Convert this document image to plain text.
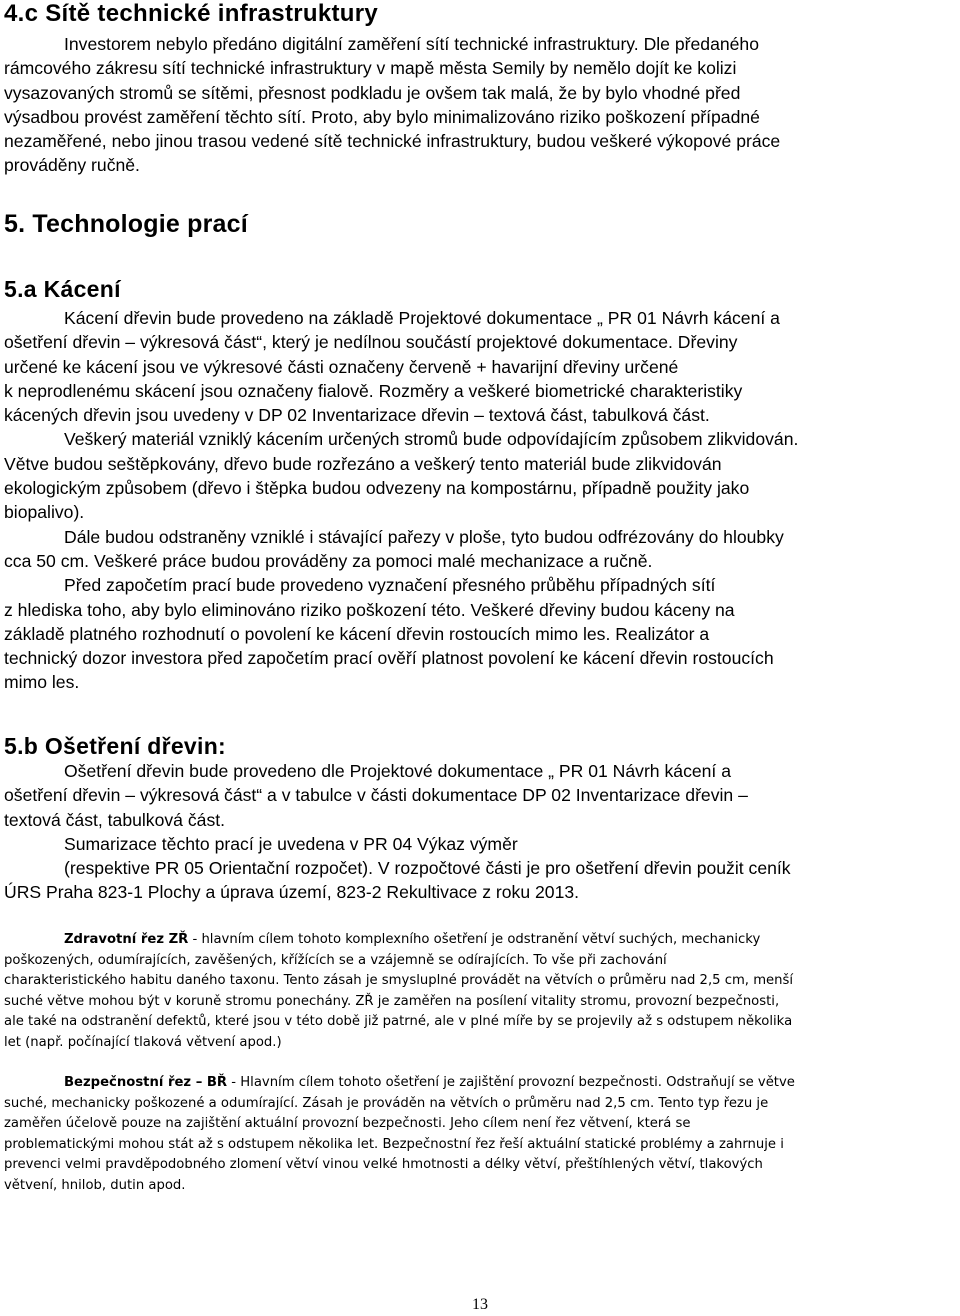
4.c Sítě technické infrastruktury
Investorem nebylo předáno digitální zaměření sítí technické infrastruktury. Dle předaného
rámcového zákresu sítí technické infrastruktury v mapě města Semily by nemělo dojít ke kolizi
vysazovaných stromů se sítěmi, přesnost podkladu je ovšem tak malá, že by bylo vhodné před
výsadbou provést zaměření těchto sítí. Proto, aby bylo minimalizováno riziko poškození případné
nezaměřené, nebo jinou trasou vedené sítě technické infrastruktury, budou veškeré výkopové práce
prováděny ručně.
5. Technologie prací
5.a Kácení
Kácení dřevin bude provedeno na základě Projektové dokumentace „ PR 01 Návrh kácení a
ošetření dřevin – výkresová část“, který je nedílnou součástí projektové dokumentace. Dřeviny
určené ke kácení jsou ve výkresové části označeny červeně + havarijní dřeviny určené
k neprodlenému skácení jsou označeny fialově. Rozměry a veškeré biometrické charakteristiky
kácených dřevin jsou uvedeny v DP 02 Inventarizace dřevin – textová část, tabulková část.
Veškerý materiál vzniklý kácením určených stromů bude odpovídajícím způsobem zlikvidován.
Větve budou seštěpkovány, dřevo bude rozřezáno a veškerý tento materiál bude zlikvidován
ekologickým způsobem (dřevo i štěpka budou odvezeny na kompostárnu, případně použity jako
biopalivo).
Dále budou odstraněny vzniklé i stávající pařezy v ploše, tyto budou odfrézovány do hloubky
cca 50 cm. Veškeré práce budou prováděny za pomoci malé mechanizace a ručně.
Před započetím prací bude provedeno vyznačení přesného průběhu případných sítí
z hlediska toho, aby bylo eliminováno riziko poškození této. Veškeré dřeviny budou káceny na
základě platného rozhodnutí o povolení ke kácení dřevin rostoucích mimo les. Realizátor a
technický dozor investora před započetím prací ověří platnost povolení ke kácení dřevin rostoucích
mimo les.
5.b Ošetření dřevin:
Ošetření dřevin bude provedeno dle Projektové dokumentace „ PR 01 Návrh kácení a
ošetření dřevin – výkresová část“ a v tabulce v části dokumentace DP 02 Inventarizace dřevin –
textová část, tabulková část.
Sumarizace těchto prací je uvedena v PR 04 Výkaz výměr
(respektive PR 05 Orientační rozpočet). V rozpočtové části je pro ošetření dřevin použit ceník
ÚRS Praha 823-1 Plochy a úprava území, 823-2 Rekultivace z roku 2013.
Zdravotní řez ZŘ - hlavním cílem tohoto komplexního ošetření je odstranění větví suchých, mechanicky
poškozených, odumírajících, zavěšených, křížících se a vzájemně se odírajících. To vše při zachování
charakteristického habitu daného taxonu. Tento zásah je smysluplné provádět na větvích o průměru nad 2,5 cm, menší
suché větve mohou být v koruně stromu ponechány. ZŘ je zaměřen na posílení vitality stromu, provozní bezpečnosti,
ale také na odstranění defektů, které jsou v této době již patrné, ale v plné míře by se projevily až s odstupem několika
let (např. počínající tlaková větvení apod.)
Bezpečnostní řez – BŘ - Hlavním cílem tohoto ošetření je zajištění provozní bezpečnosti. Odstraňují se větve
suché, mechanicky poškozené a odumírající. Zásah je prováděn na větvích o průměru nad 2,5 cm. Tento typ řezu je
zaměřen účelově pouze na zajištění aktuální provozní bezpečnosti. Jeho cílem není řez větvení, která se
problematickými mohou stát až s odstupem několika let. Bezpečnostní řez řeší aktuální statické problémy a zahrnuje i
prevenci velmi pravděpodobného zlomení větví vinou velké hmotnosti a délky větví, přeštíhlených větví, tlakových
větvení, hnilob, dutin apod.
13
